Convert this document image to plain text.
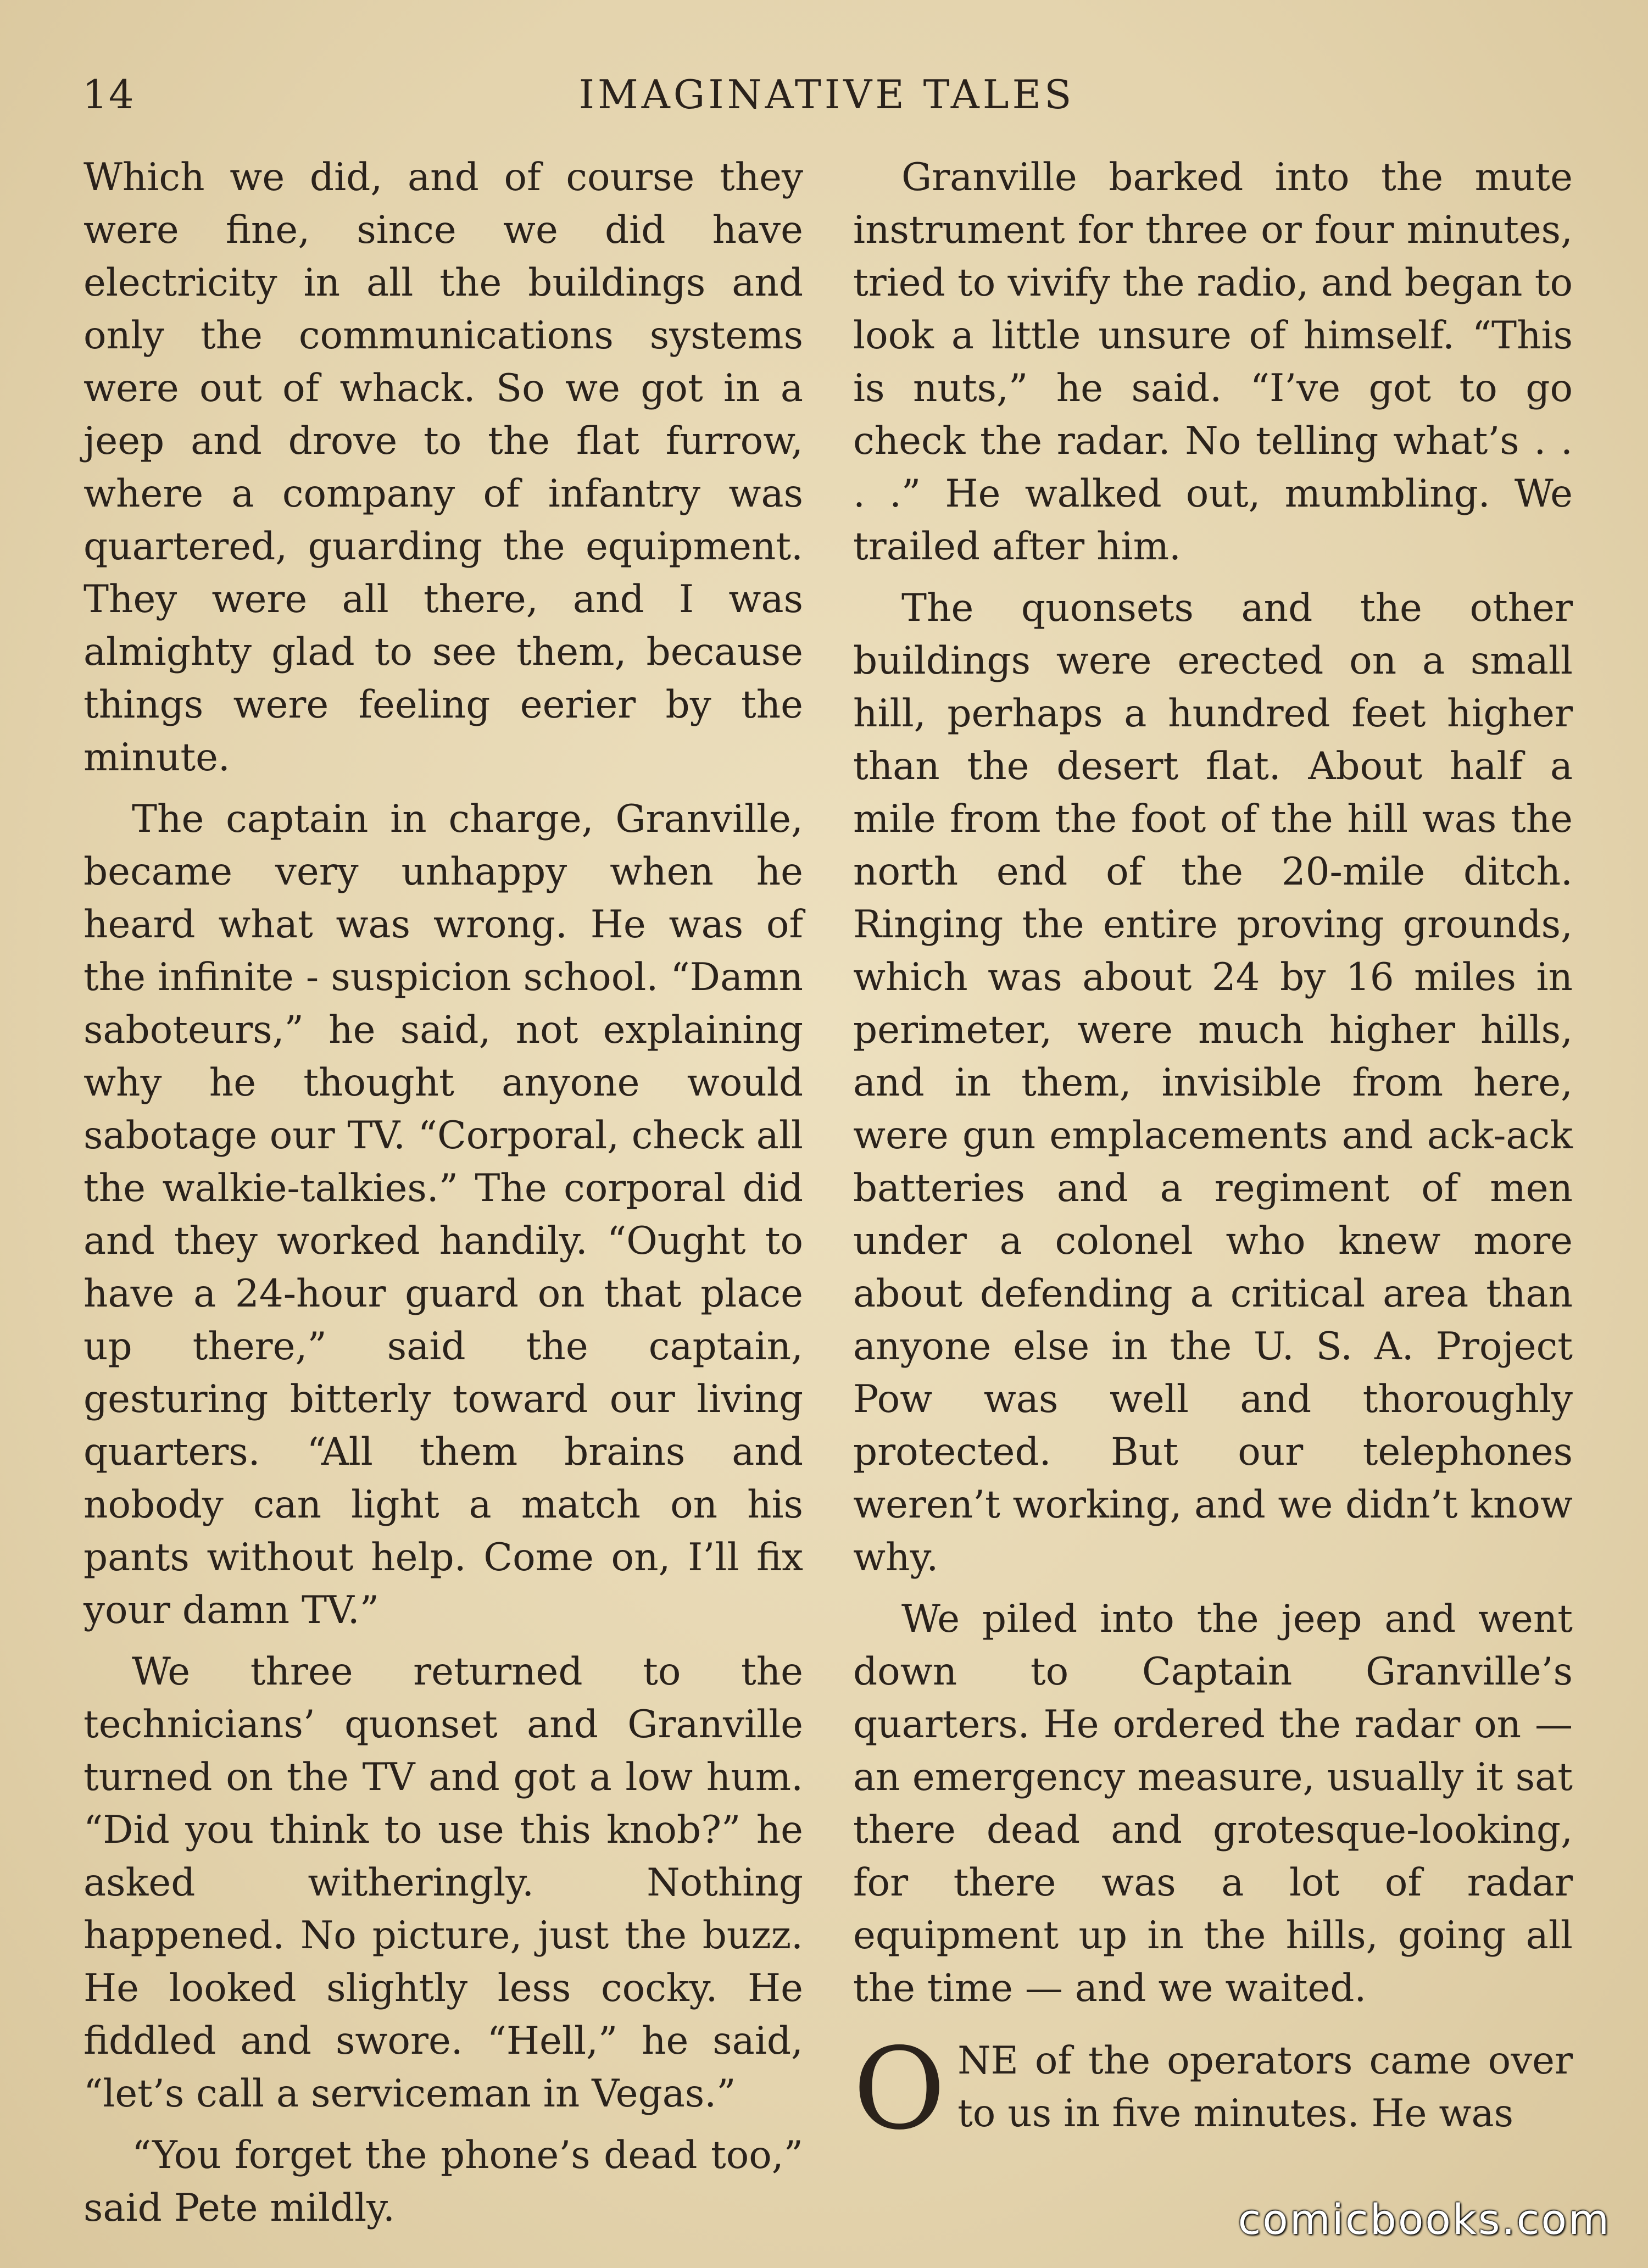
14	IMAGINATIVE TALES

Which we did, and of course they were fine, since we did have electricity in all the buildings and only the communications systems were out of whack. So we got in a jeep and drove to the flat furrow, where a company of infantry was quartered, guarding the equipment. They were all there, and I was almighty glad to see them, because things were feeling eerier by the minute.

The captain in charge, Granville, became very unhappy when he heard what was wrong. He was of the infinite - suspicion school. “Damn saboteurs,” he said, not explaining why he thought anyone would sabotage our TV. “Corporal, check all the walkie-talkies.” The corporal did and they worked handily. “Ought to have a 24-hour guard on that place up there,” said the captain, gesturing bitterly toward our living quarters. “All them brains and nobody can light a match on his pants without help. Come on, I’ll fix your damn TV.”

We three returned to the technicians’ quonset and Granville turned on the TV and got a low hum. “Did you think to use this knob?” he asked witheringly. Nothing happened. No picture, just the buzz. He looked slightly less cocky. He fiddled and swore. “Hell,” he said, “let’s call a serviceman in Vegas.”

“You forget the phone’s dead too,” said Pete mildly.

Granville barked into the mute instrument for three or four minutes, tried to vivify the radio, and began to look a little unsure of himself. “This is nuts,” he said. “I’ve got to go check the radar. No telling what’s . . . .” He walked out, mumbling. We trailed after him.

The quonsets and the other buildings were erected on a small hill, perhaps a hundred feet higher than the desert flat. About half a mile from the foot of the hill was the north end of the 20-mile ditch. Ringing the entire proving grounds, which was about 24 by 16 miles in perimeter, were much higher hills, and in them, invisible from here, were gun emplacements and ack-ack batteries and a regiment of men under a colonel who knew more about defending a critical area than anyone else in the U. S. A. Project Pow was well and thoroughly protected. But our telephones weren’t working, and we didn’t know why.

We piled into the jeep and went down to Captain Granville’s quarters. He ordered the radar on — an emergency measure, usually it sat there dead and grotesque-looking, for there was a lot of radar equipment up in the hills, going all the time — and we waited.

ONE of the operators came over to us in five minutes. He was

comicbooks.com
